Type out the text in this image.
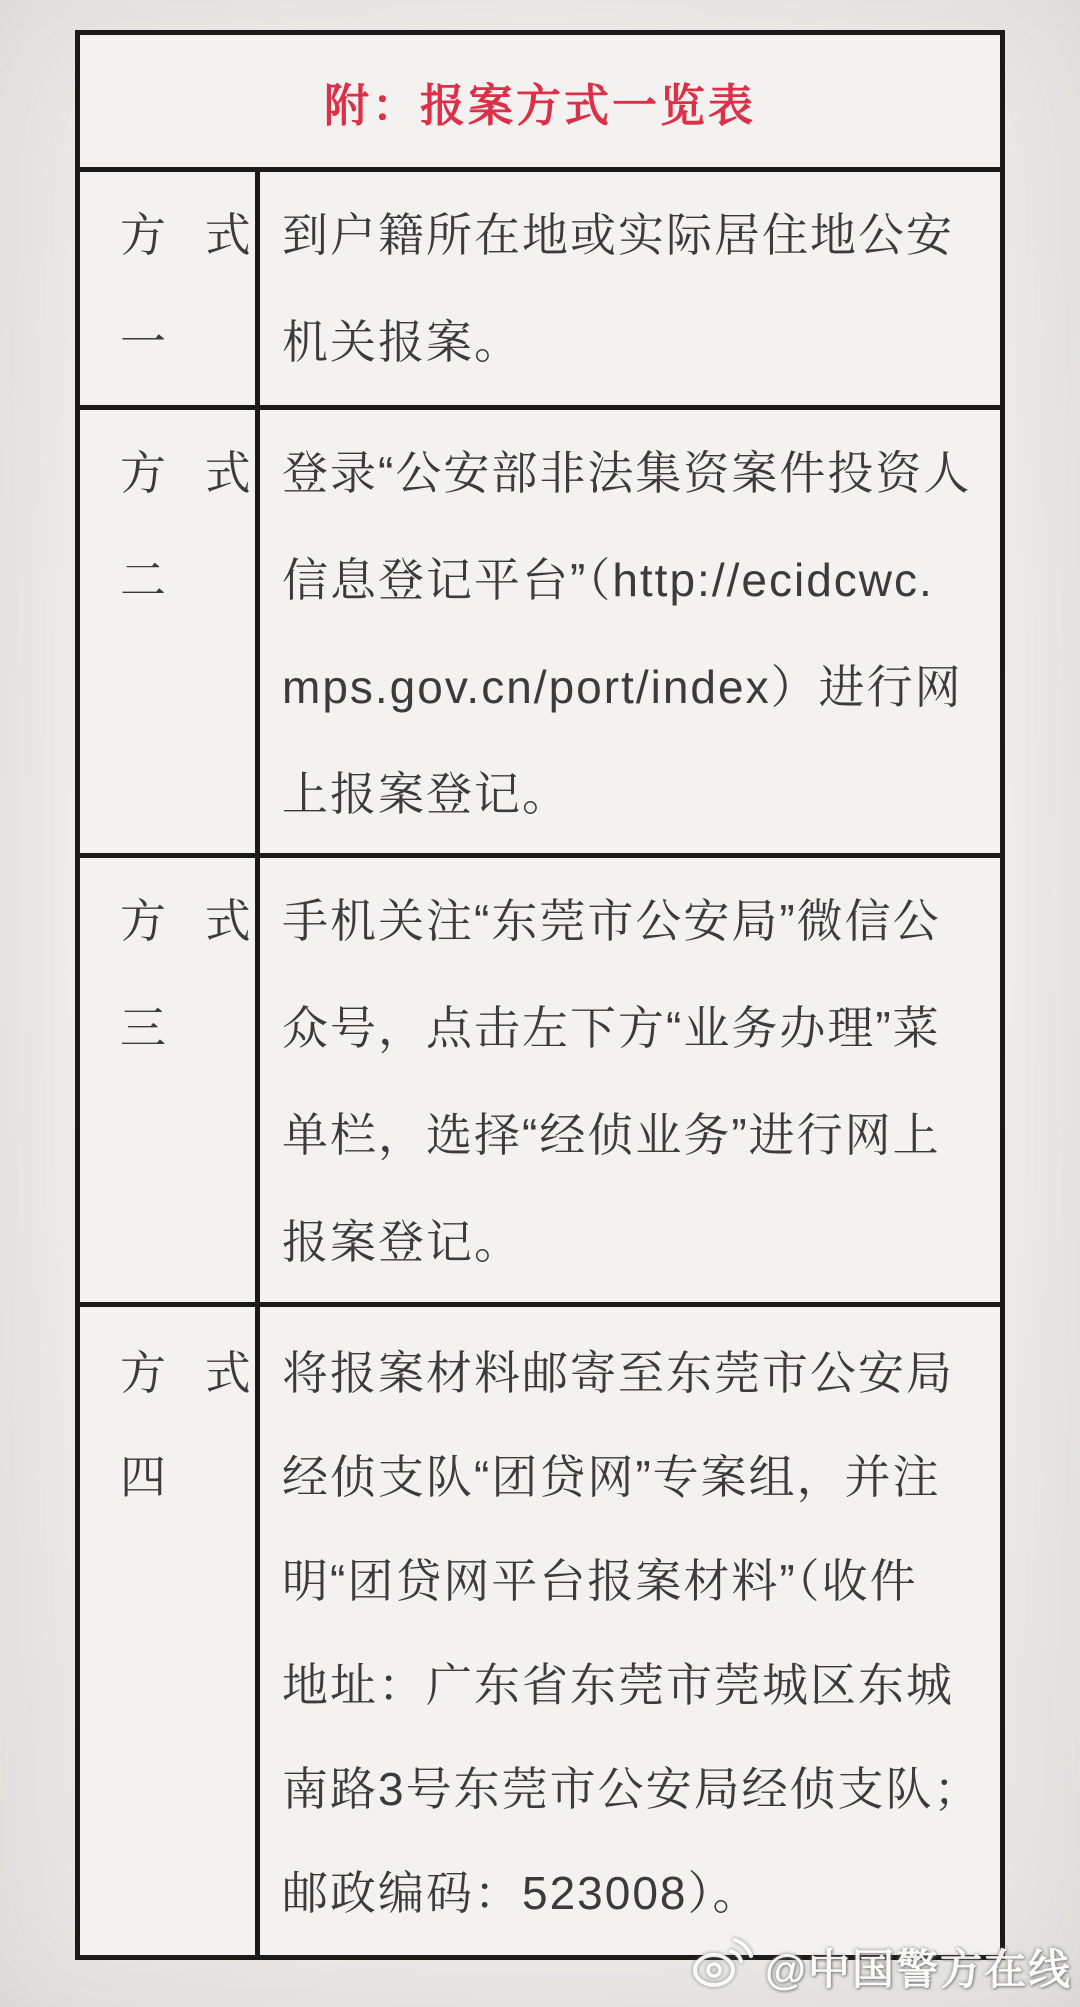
附：报案方式一览表
方 式
一
到户籍所在地或实际居住地公安
机关报案。
方 式
二
登录“公安部非法集资案件投资人
信息登记平台”（http://ecidcwc.
mps.gov.cn/port/index）进行网
上报案登记。
方 式
三
手机关注“东莞市公安局”微信公
众号，点击左下方“业务办理”菜
单栏，选择“经侦业务”进行网上
报案登记。
方 式
四
将报案材料邮寄至东莞市公安局
经侦支队“团贷网”专案组，并注
明“团贷网平台报案材料”（收件
地址：广东省东莞市莞城区东城
南路3号东莞市公安局经侦支队；
邮政编码：523008）。
@中国警方在线
